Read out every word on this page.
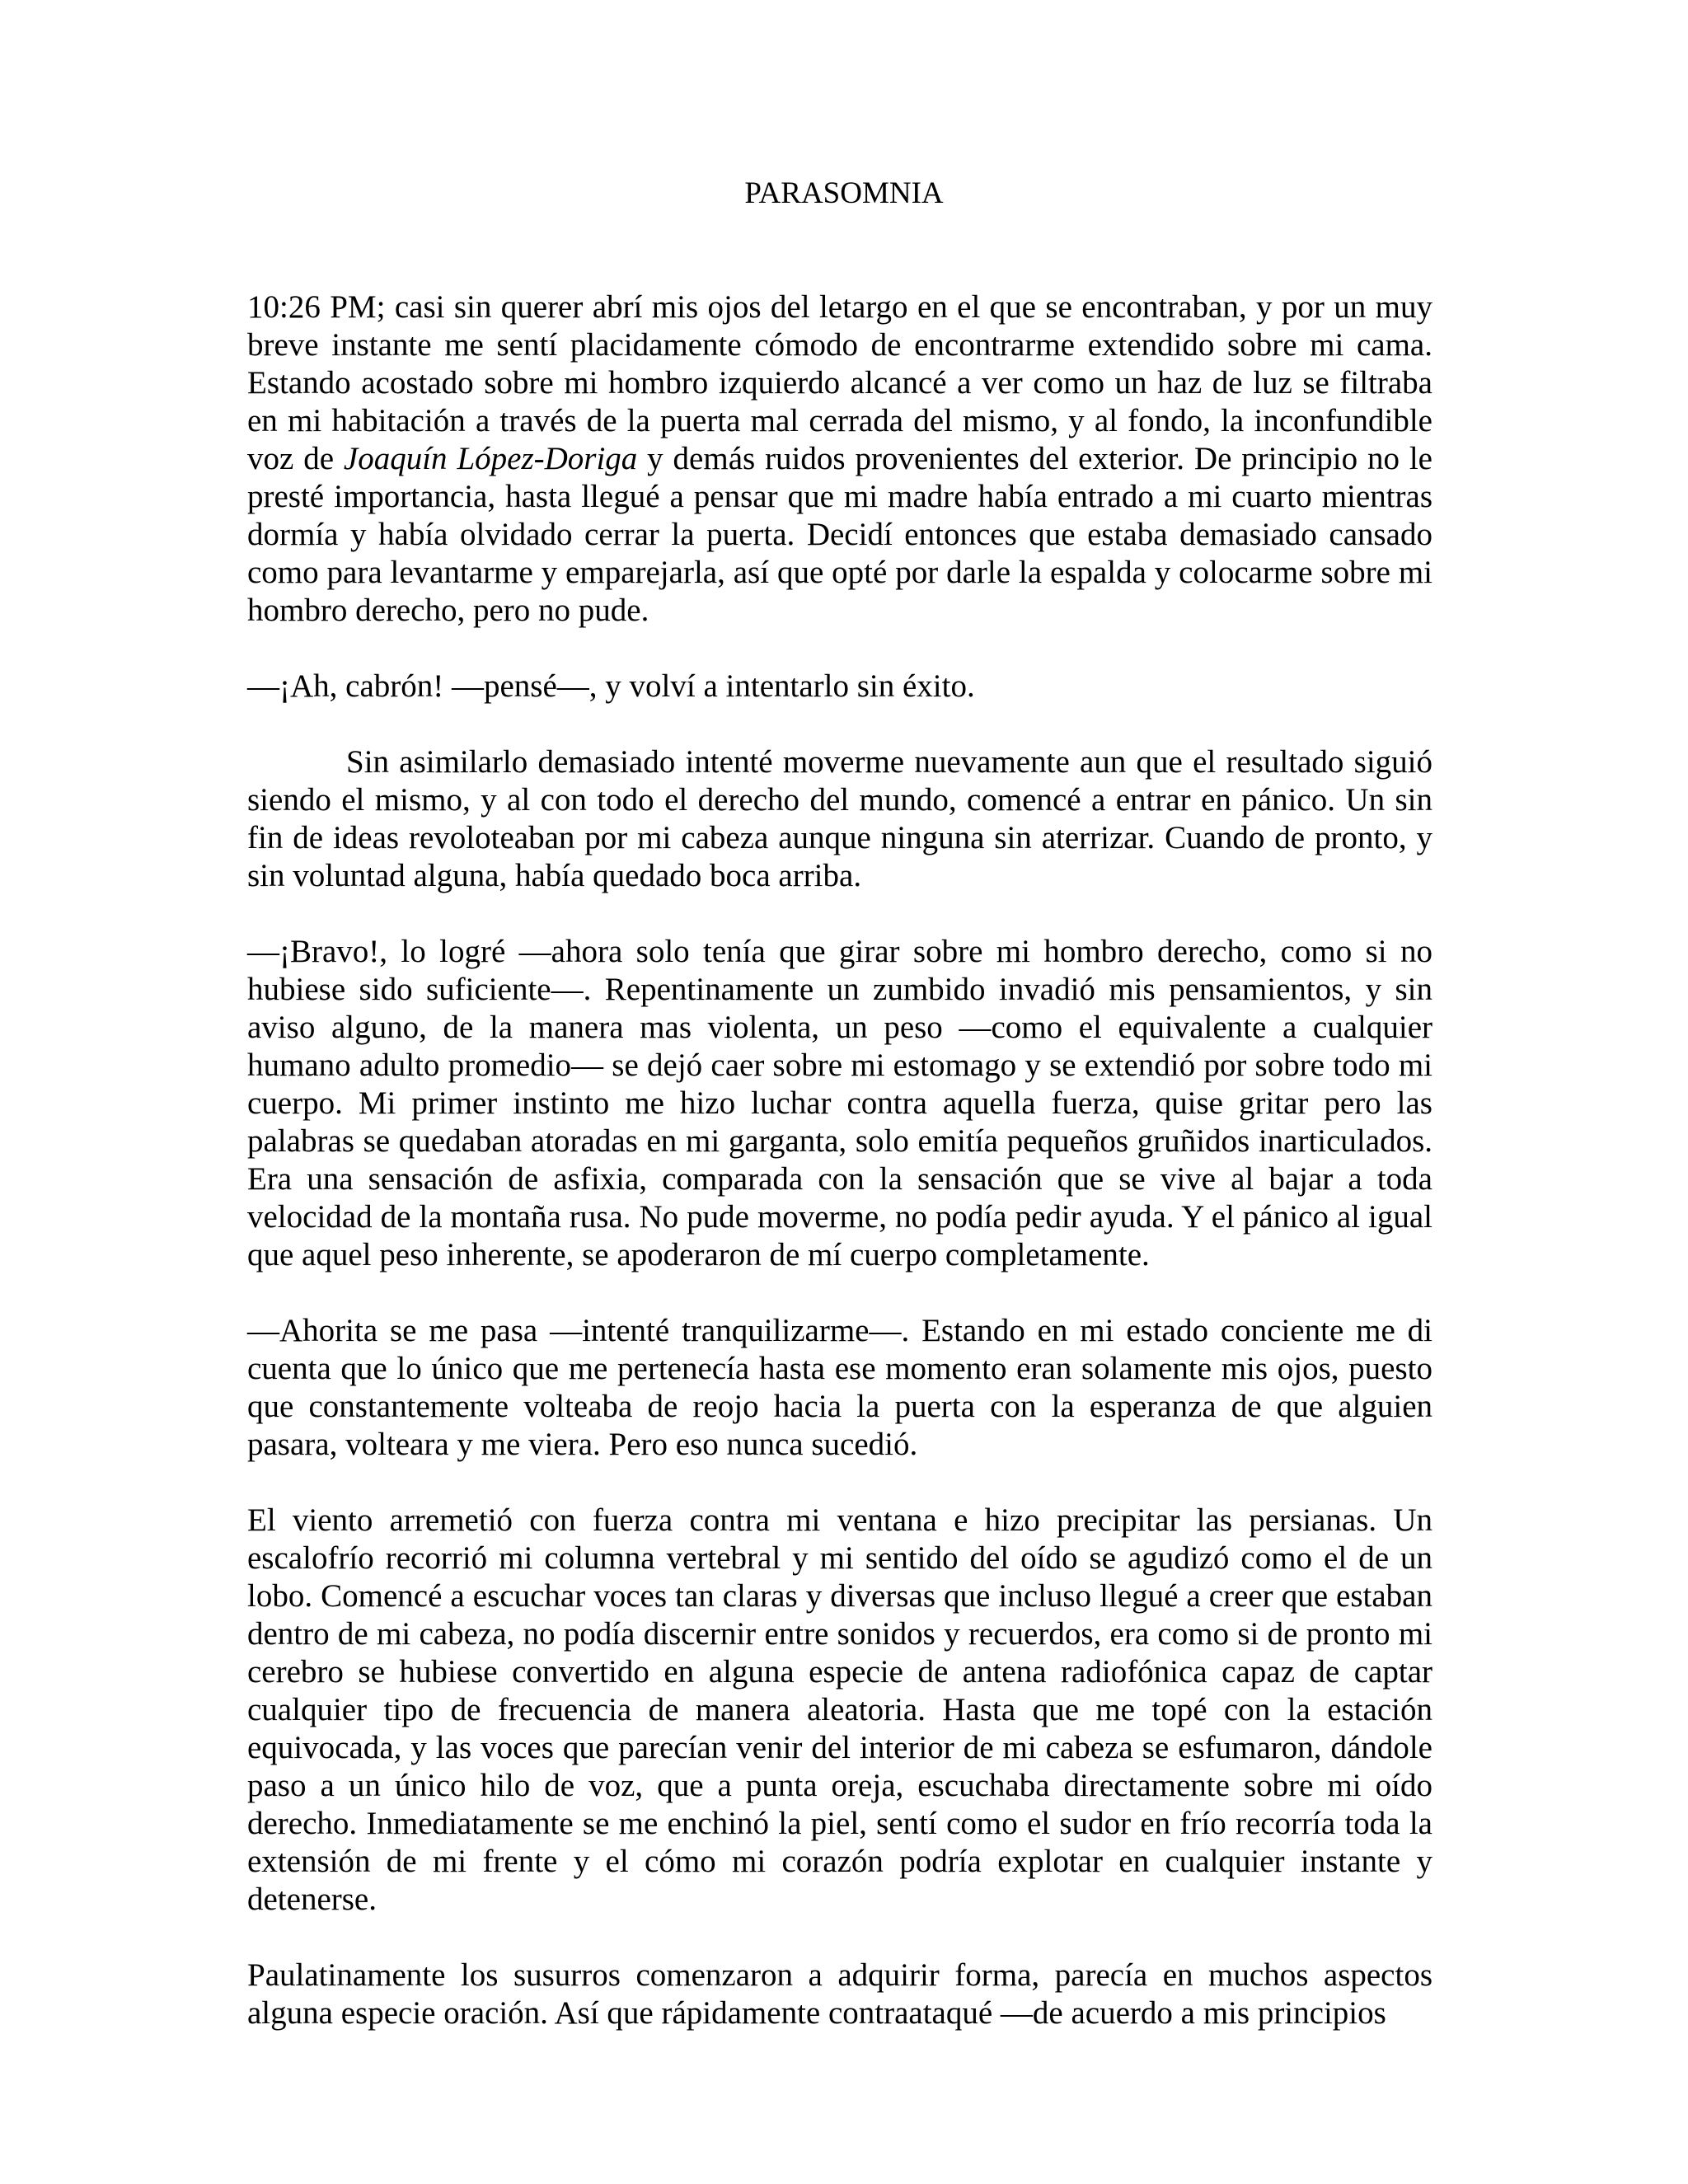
PARASOMNIA

10:26 PM; casi sin querer abrí mis ojos del letargo en el que se encontraban, y por un muy breve instante me sentí placidamente cómodo de encontrarme extendido sobre mi cama. Estando acostado sobre mi hombro izquierdo alcancé a ver como un haz de luz se filtraba en mi habitación a través de la puerta mal cerrada del mismo, y al fondo, la inconfundible voz de Joaquín López-Doriga y demás ruidos provenientes del exterior. De principio no le presté importancia, hasta llegué a pensar que mi madre había entrado a mi cuarto mientras dormía y había olvidado cerrar la puerta. Decidí entonces que estaba demasiado cansado como para levantarme y emparejarla, así que opté por darle la espalda y colocarme sobre mi hombro derecho, pero no pude.

—¡Ah, cabrón! —pensé—, y volví a intentarlo sin éxito.

Sin asimilarlo demasiado intenté moverme nuevamente aun que el resultado siguió siendo el mismo, y al con todo el derecho del mundo, comencé a entrar en pánico. Un sin fin de ideas revoloteaban por mi cabeza aunque ninguna sin aterrizar. Cuando de pronto, y sin voluntad alguna, había quedado boca arriba.

—¡Bravo!, lo logré —ahora solo tenía que girar sobre mi hombro derecho, como si no hubiese sido suficiente—. Repentinamente un zumbido invadió mis pensamientos, y sin aviso alguno, de la manera mas violenta, un peso —como el equivalente a cualquier humano adulto promedio— se dejó caer sobre mi estomago y se extendió por sobre todo mi cuerpo. Mi primer instinto me hizo luchar contra aquella fuerza, quise gritar pero las palabras se quedaban atoradas en mi garganta, solo emitía pequeños gruñidos inarticulados. Era una sensación de asfixia, comparada con la sensación que se vive al bajar a toda velocidad de la montaña rusa. No pude moverme, no podía pedir ayuda. Y el pánico al igual que aquel peso inherente, se apoderaron de mí cuerpo completamente.

—Ahorita se me pasa —intenté tranquilizarme—. Estando en mi estado conciente me di cuenta que lo único que me pertenecía hasta ese momento eran solamente mis ojos, puesto que constantemente volteaba de reojo hacia la puerta con la esperanza de que alguien pasara, volteara y me viera. Pero eso nunca sucedió.

El viento arremetió con fuerza contra mi ventana e hizo precipitar las persianas. Un escalofrío recorrió mi columna vertebral y mi sentido del oído se agudizó como el de un lobo. Comencé a escuchar voces tan claras y diversas que incluso llegué a creer que estaban dentro de mi cabeza, no podía discernir entre sonidos y recuerdos, era como si de pronto mi cerebro se hubiese convertido en alguna especie de antena radiofónica capaz de captar cualquier tipo de frecuencia de manera aleatoria. Hasta que me topé con la estación equivocada, y las voces que parecían venir del interior de mi cabeza se esfumaron, dándole paso a un único hilo de voz, que a punta oreja, escuchaba directamente sobre mi oído derecho. Inmediatamente se me enchinó la piel, sentí como el sudor en frío recorría toda la extensión de mi frente y el cómo mi corazón podría explotar en cualquier instante y detenerse.

Paulatinamente los susurros comenzaron a adquirir forma, parecía en muchos aspectos alguna especie oración. Así que rápidamente contraataqué —de acuerdo a mis principios
